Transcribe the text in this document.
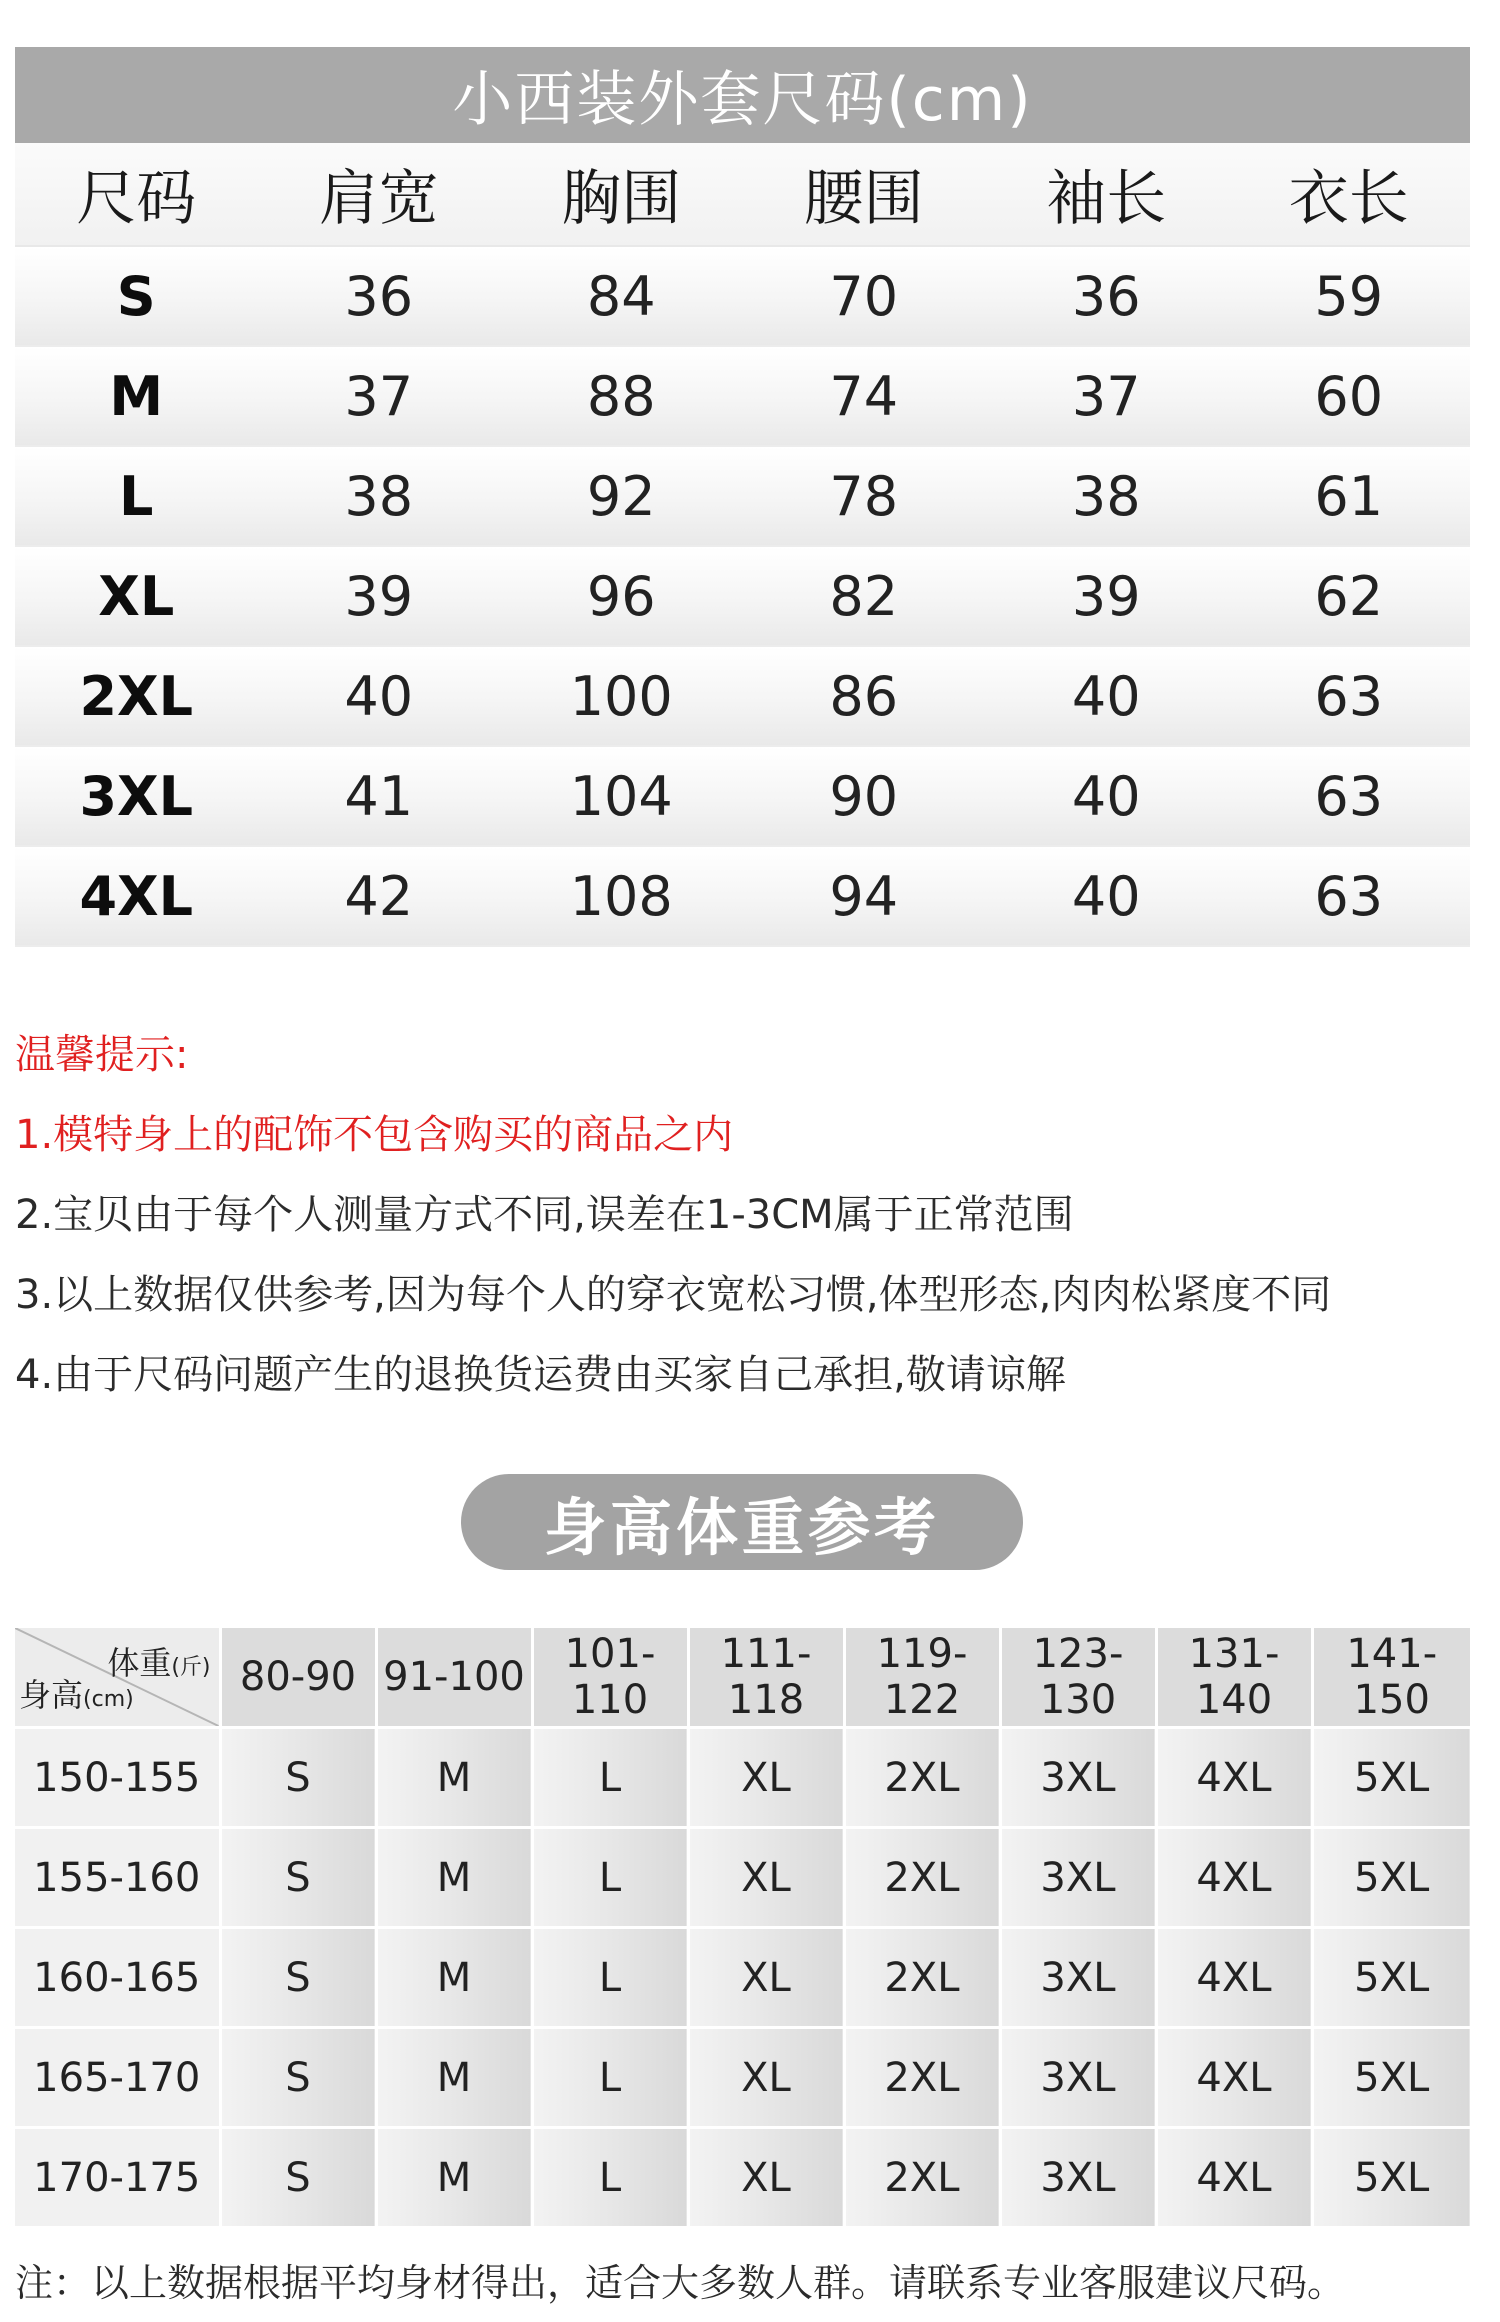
小西装外套尺码(cm)
尺码	肩宽	胸围	腰围	袖长	衣长
S	36	84	70	36	59
M	37	88	74	37	60
L	38	92	78	38	61
XL	39	96	82	39	62
2XL	40	100	86	40	63
3XL	41	104	90	40	63
4XL	42	108	94	40	63
温馨提示:
1.模特身上的配饰不包含购买的商品之内
2.宝贝由于每个人测量方式不同,误差在1-3CM属于正常范围
3.以上数据仅供参考,因为每个人的穿衣宽松习惯,体型形态,肉肉松紧度不同
4.由于尺码问题产生的退换货运费由买家自己承担,敬请谅解
身高体重参考
体重(斤)
身高(cm)	80-90	91-100	101-110	111-118	119-122	123-130	131-140	141-150
150-155	S	M	L	XL	2XL	3XL	4XL	5XL
155-160	S	M	L	XL	2XL	3XL	4XL	5XL
160-165	S	M	L	XL	2XL	3XL	4XL	5XL
165-170	S	M	L	XL	2XL	3XL	4XL	5XL
170-175	S	M	L	XL	2XL	3XL	4XL	5XL
注：以上数据根据平均身材得出，适合大多数人群。请联系专业客服建议尺码。
